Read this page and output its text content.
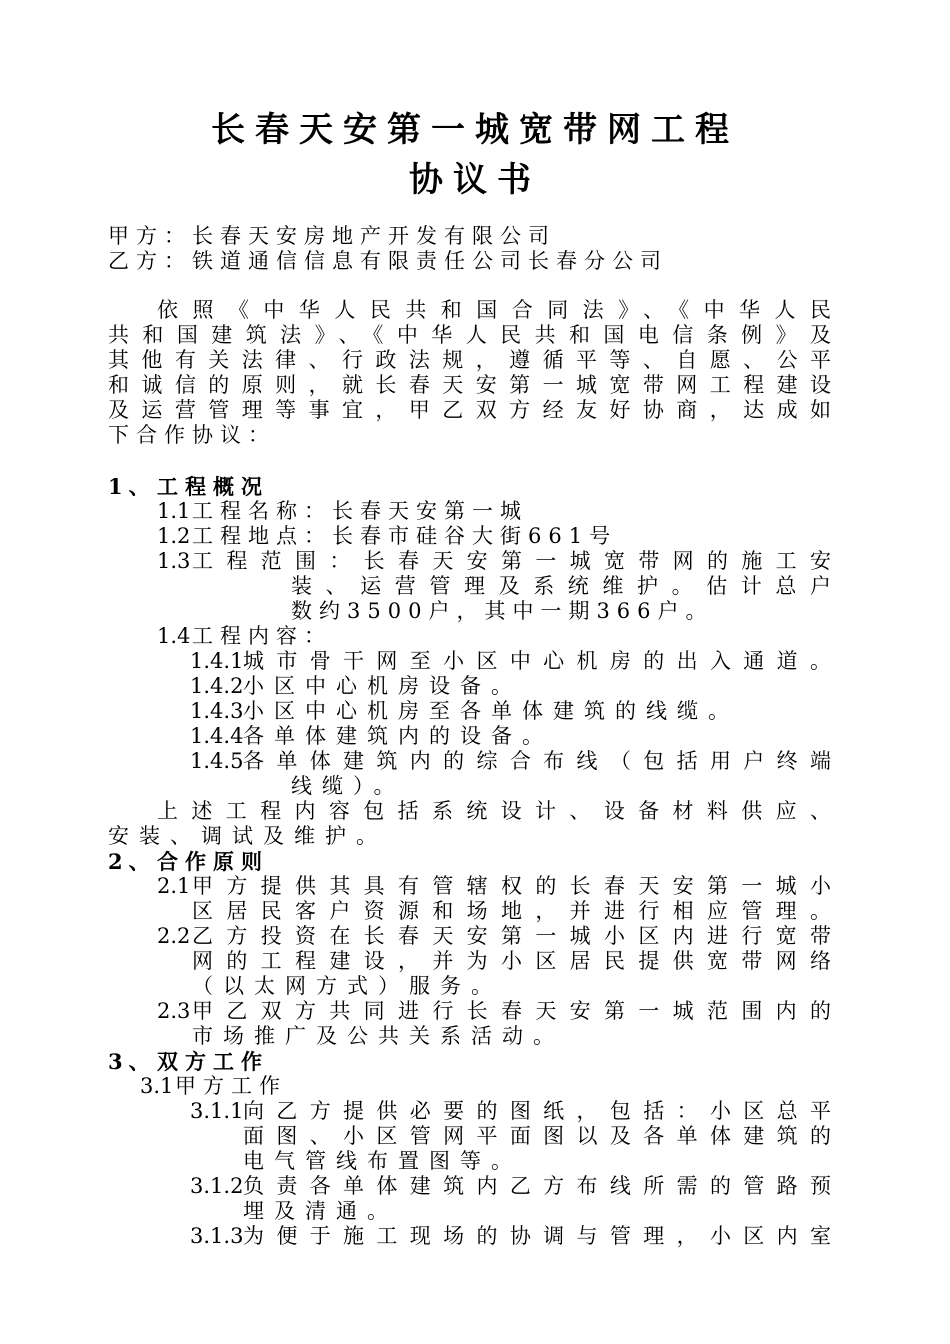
长春天安第一城宽带网工程
协议书
甲方：长春天安房地产开发有限公司
乙方：铁道通信信息有限责任公司长春分公司
依照《中华人民共和国合同法》、《中华人民
共和国建筑法》、《中华人民共和国电信条例》及
其他有关法律、行政法规，遵循平等、自愿、公平
和诚信的原则，就长春天安第一城宽带网工程建设
及运营管理等事宜，甲乙双方经友好协商，达成如
下合作协议：
1、 工程概况
1.1 工程名称：长春天安第一城
1.2 工程地点：长春市硅谷大街661号
1.3 工程范围：长春天安第一城宽带网的施工安
装、运营管理及系统维护。估计总户
数约3500户，其中一期366户。
1.4 工程内容：
1.4.1 城市骨干网至小区中心机房的出入通道。
1.4.2 小区中心机房设备。
1.4.3 小区中心机房至各单体建筑的线缆。
1.4.4 各单体建筑内的设备。
1.4.5 各单体建筑内的综合布线（包括用户终端
线缆）。
上述工程内容包括系统设计、设备材料供应、
安装、调试及维护。
2、 合作原则
2.1 甲方提供其具有管辖权的长春天安第一城小
区居民客户资源和场地，并进行相应管理。
2.2 乙方投资在长春天安第一城小区内进行宽带
网的工程建设，并为小区居民提供宽带网络
（以太网方式）服务。
2.3 甲乙双方共同进行长春天安第一城范围内的
市场推广及公共关系活动。
3、 双方工作
3.1 甲方工作
3.1.1 向乙方提供必要的图纸，包括：小区总平
面图、小区管网平面图以及各单体建筑的
电气管线布置图等。
3.1.2 负责各单体建筑内乙方布线所需的管路预
埋及清通。
3.1.3 为便于施工现场的协调与管理，小区内室
